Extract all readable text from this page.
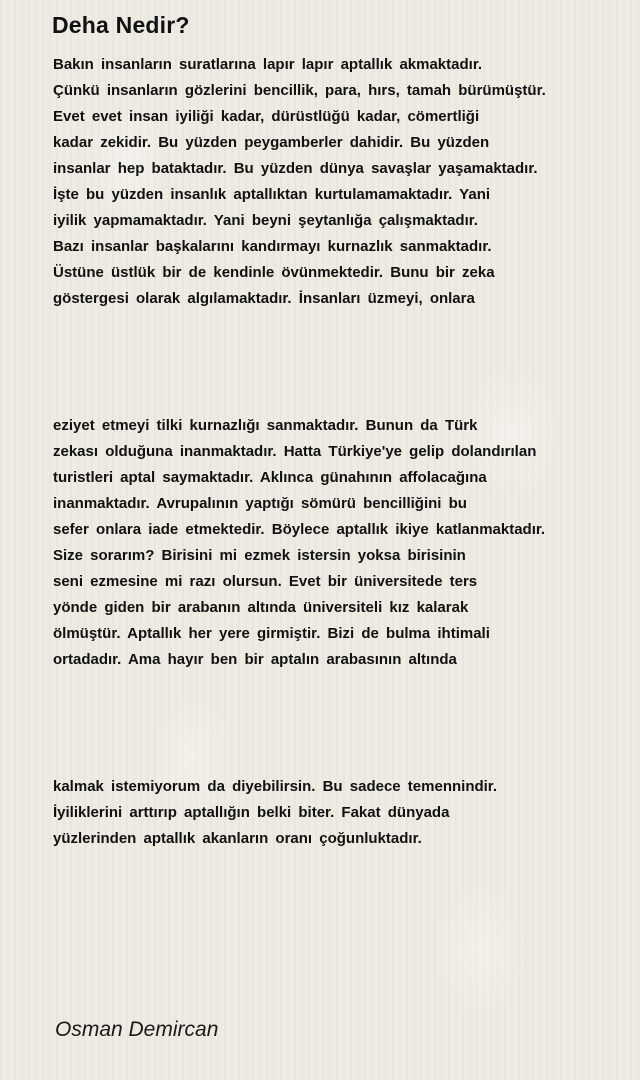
Deha Nedir?
Bakın insanların suratlarına lapır lapır aptallık akmaktadır.
Çünkü insanların gözlerini bencillik, para, hırs, tamah bürümüştür.
Evet evet insan iyiliği kadar, dürüstlüğü kadar, cömertliği
kadar zekidir. Bu yüzden peygamberler dahidir. Bu yüzden
insanlar hep bataktadır. Bu yüzden dünya savaşlar yaşamaktadır.
İşte bu yüzden insanlık aptallıktan kurtulamamaktadır. Yani
iyilik yapmamaktadır. Yani beyni şeytanlığa çalışmaktadır.
Bazı insanlar başkalarını kandırmayı kurnazlık sanmaktadır.
Üstüne üstlük bir de kendinle övünmektedir. Bunu bir zeka
göstergesi olarak algılamaktadır. İnsanları üzmeyi, onlara
eziyet etmeyi tilki kurnazlığı sanmaktadır. Bunun da Türk
zekası olduğuna inanmaktadır. Hatta Türkiye'ye gelip dolandırılan
turistleri aptal saymaktadır. Aklınca günahının affolacağına
inanmaktadır. Avrupalının yaptığı sömürü bencilliğini bu
sefer onlara iade etmektedir. Böylece aptallık ikiye katlanmaktadır.
Size sorarım? Birisini mi ezmek istersin yoksa birisinin
seni ezmesine mi razı olursun. Evet bir üniversitede ters
yönde giden bir arabanın altında üniversiteli kız kalarak
ölmüştür. Aptallık her yere girmiştir. Bizi de bulma ihtimali
ortadadır. Ama hayır ben bir aptalın arabasının altında
kalmak istemiyorum da diyebilirsin. Bu sadece temennindir.
İyiliklerini arttırıp aptallığın belki biter. Fakat dünyada
yüzlerinden aptallık akanların oranı çoğunluktadır.
Osman Demircan
